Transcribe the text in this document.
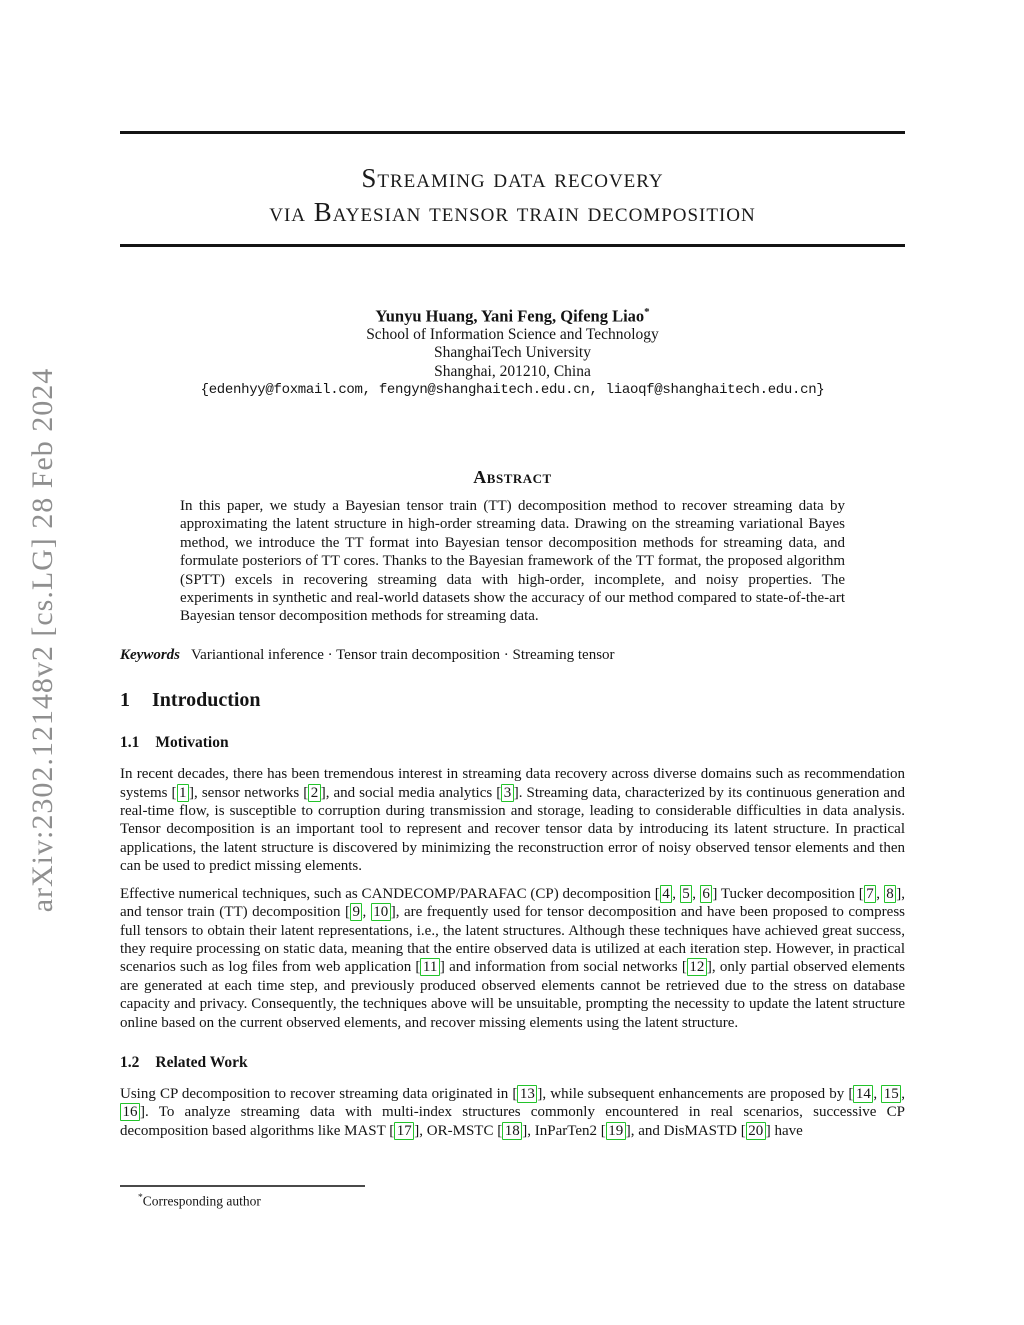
arXiv:2302.12148v2 [cs.LG] 28 Feb 2024
Streaming data recovery
via Bayesian tensor train decomposition
Yunyu Huang, Yani Feng, Qifeng Liao*
School of Information Science and Technology
ShanghaiTech University
Shanghai, 201210, China
{edenhyy@foxmail.com, fengyn@shanghaitech.edu.cn, liaoqf@shanghaitech.edu.cn}
Abstract
In this paper, we study a Bayesian tensor train (TT) decomposition method to recover streaming data by approximating the latent structure in high-order streaming data. Drawing on the streaming variational Bayes method, we introduce the TT format into Bayesian tensor decomposition methods for streaming data, and formulate posteriors of TT cores. Thanks to the Bayesian framework of the TT format, the proposed algorithm (SPTT) excels in recovering streaming data with high-order, incomplete, and noisy properties. The experiments in synthetic and real-world datasets show the accuracy of our method compared to state-of-the-art Bayesian tensor decomposition methods for streaming data.
Keywords Variantional inference · Tensor train decomposition · Streaming tensor
1 Introduction
1.1 Motivation

In recent decades, there has been tremendous interest in streaming data recovery across diverse domains such as recommendation systems [ 1 ], sensor networks [ 2 ], and social media analytics [ 3 ]. Streaming data, characterized by its continuous generation and real-time flow, is susceptible to corruption during transmission and storage, leading to considerable difficulties in data analysis. Tensor decomposition is an important tool to represent and recover tensor data by introducing its latent structure. In practical applications, the latent structure is discovered by minimizing the reconstruction error of noisy observed tensor elements and then can be used to predict missing elements.

Effective numerical techniques, such as CANDECOMP/PARAFAC (CP) decomposition [ 4 , 5 , 6 ] Tucker decomposition [ 7 , 8 ], and tensor train (TT) decomposition [ 9 , 10 ], are frequently used for tensor decomposition and have been proposed to compress full tensors to obtain their latent representations, i.e., the latent structures. Although these techniques have achieved great success, they require processing on static data, meaning that the entire observed data is utilized at each iteration step. However, in practical scenarios such as log files from web application [ 11 ] and information from social networks [ 12 ], only partial observed elements are generated at each time step, and previously produced observed elements cannot be retrieved due to the stress on database capacity and privacy. Consequently, the techniques above will be unsuitable, prompting the necessity to update the latent structure online based on the current observed elements, and recover missing elements using the latent structure.

1.2 Related Work

Using CP decomposition to recover streaming data originated in [ 13 ], while subsequent enhancements are proposed by [ 14 , 15 , 16 ]. To analyze streaming data with multi-index structures commonly encountered in real scenarios, successive CP decomposition based algorithms like MAST [ 17 ], OR-MSTC [ 18 ], InParTen2 [ 19 ], and DisMASTD [ 20 ] have

*Corresponding author
